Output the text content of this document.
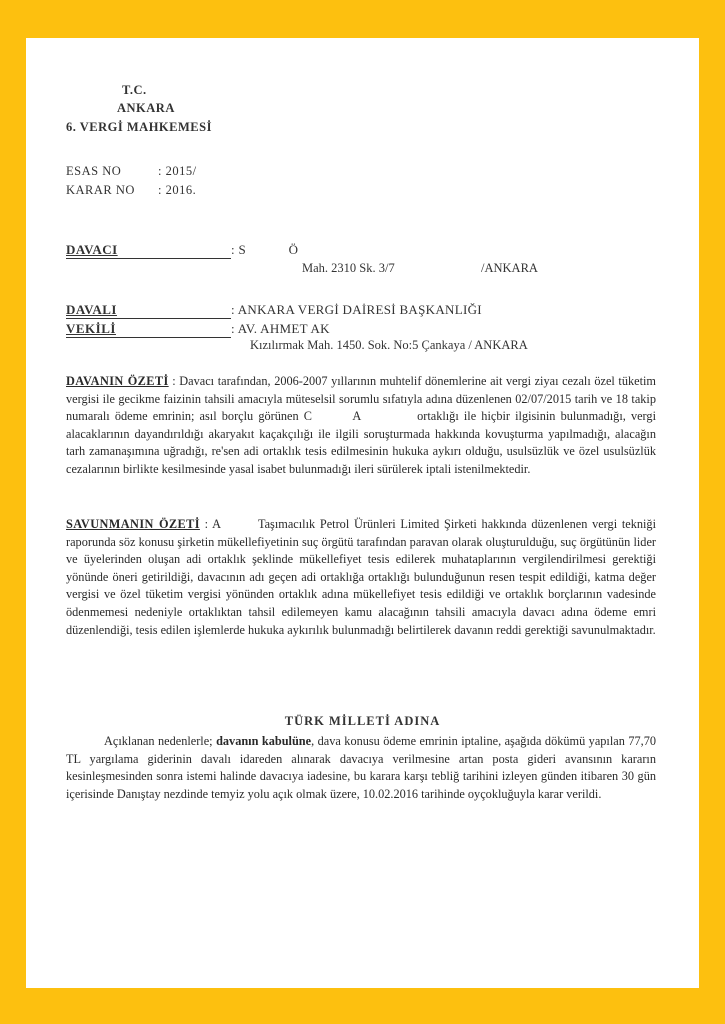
T.C.
ANKARA
6. VERGİ MAHKEMESİ
ESAS NO	: 2015/
KARAR NO : 2016.
DAVACI	: S            Ö
Mah. 2310 Sk. 3/7	/ANKARA
DAVALI	: ANKARA VERGİ DAİRESİ BAŞKANLIĞI
VEKİLİ	: AV. AHMET AK
Kızılırmak Mah. 1450. Sok. No:5 Çankaya / ANKARA
DAVANIN ÖZETİ : Davacı tarafından, 2006-2007 yıllarının muhtelif dönemlerine ait vergi ziyaı cezalı özel tüketim vergisi ile gecikme faizinin tahsili amacıyla müteselsil sorumlu sıfatıyla adına düzenlenen 02/07/2015 tarih ve 18 takip numaralı ödeme emrinin; asıl borçlu görünen C        A           ortaklığı ile hiçbir ilgisinin bulunmadığı, vergi alacaklarının dayandırıldığı akaryakıt kaçakçılığı ile ilgili soruşturmada hakkında kovuşturma yapılmadığı, alacağın tarh zamanaşımına uğradığı, re'sen adi ortaklık tesis edilmesinin hukuka aykırı olduğu, usulsüzlük ve özel usulsüzlük cezalarının birlikte kesilmesinde yasal isabet bulunmadığı ileri sürülerek iptali istenilmektedir.
SAVUNMANIN ÖZETİ : A        Taşımacılık Petrol Ürünleri Limited Şirketi hakkında düzenlenen vergi tekniği raporunda söz konusu şirketin mükellefiyetinin suç örgütü tarafından paravan olarak oluşturulduğu, suç örgütünün lider ve üyelerinden oluşan adi ortaklık şeklinde mükellefiyet tesis edilerek muhataplarının vergilendirilmesi gerektiği yönünde öneri getirildiği, davacının adı geçen adi ortaklığa ortaklığı bulunduğunun resen tespit edildiği, katma değer vergisi ve özel tüketim vergisi yönünden ortaklık adına mükellefiyet tesis edildiği ve ortaklık borçlarının vadesinde ödenmemesi nedeniyle ortaklıktan tahsil edilemeyen kamu alacağının tahsili amacıyla davacı adına ödeme emri düzenlendiği, tesis edilen işlemlerde hukuka aykırılık bulunmadığı belirtilerek davanın reddi gerektiği savunulmaktadır.
TÜRK MİLLETİ ADINA
Açıklanan nedenlerle; davanın kabulüne, dava konusu ödeme emrinin iptaline, aşağıda dökümü yapılan 77,70 TL yargılama giderinin davalı idareden alınarak davacıya verilmesine artan posta gideri avansının kararın kesinleşmesinden sonra istemi halinde davacıya iadesine, bu karara karşı tebliğ tarihini izleyen günden itibaren 30 gün içerisinde Danıştay nezdinde temyiz yolu açık olmak üzere, 10.02.2016 tarihinde oyçokluğuyla karar verildi.
